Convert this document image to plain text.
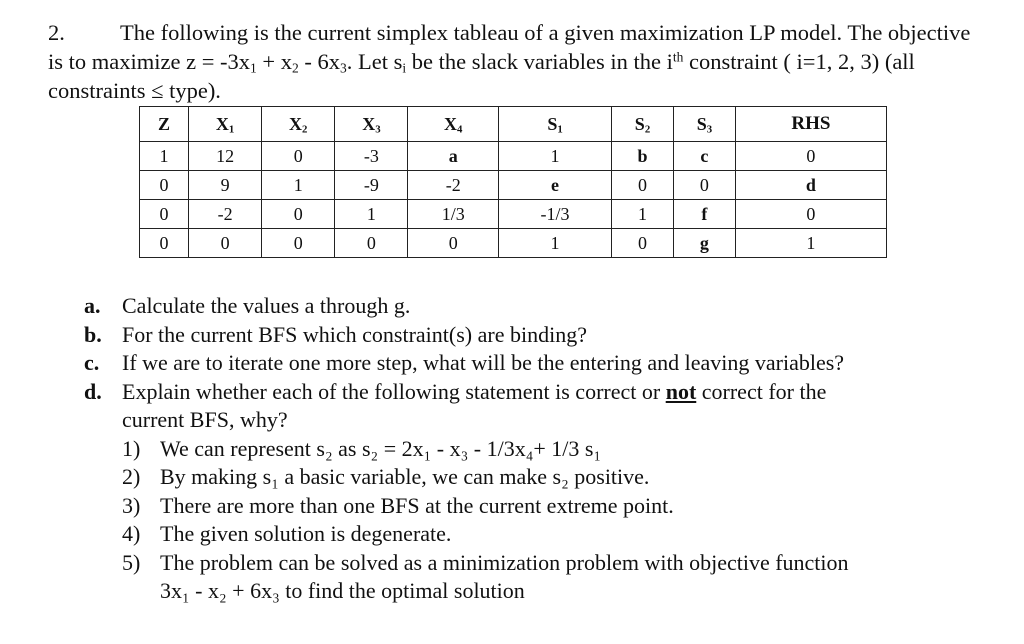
2. The following is the current simplex tableau of a given maximization LP model. The objective is to maximize $z = -3x_1 + x_2 - 6x_3$. Let $s_i$ be the slack variables in the $i^{th}$ constraint ( i=1, 2, 3) (all constraints ≤ type).
Z	$X_1$	$X_2$	$X_3$	$X_4$	$S_1$	$S_2$	$S_3$	RHS
1	12	0	-3	a	1	b	c	0
0	9	1	-9	-2	e	0	0	d
0	-2	0	1	1/3	-1/3	1	f	0
0	0	0	0	0	1	0	g	1
a. Calculate the values a through g.
b. For the current BFS which constraint(s) are binding?
c.	If we are to iterate one more step, what will be the entering and leaving variables?
d. Explain whether each of the following statement is correct or not correct for the
current BFS, why?
1) We can represent s₂ as s₂ = 2x₁ - x₃ - 1/3x₄+ 1/3 s₁
2) By making s₁ a basic variable, we can make s₂ positive.
3) There are more than one BFS at the current extreme point.
4) The given solution is degenerate.
5) The problem can be solved as a minimization problem with objective function
3x₁ - x₂ + 6x₃ to find the optimal solution
